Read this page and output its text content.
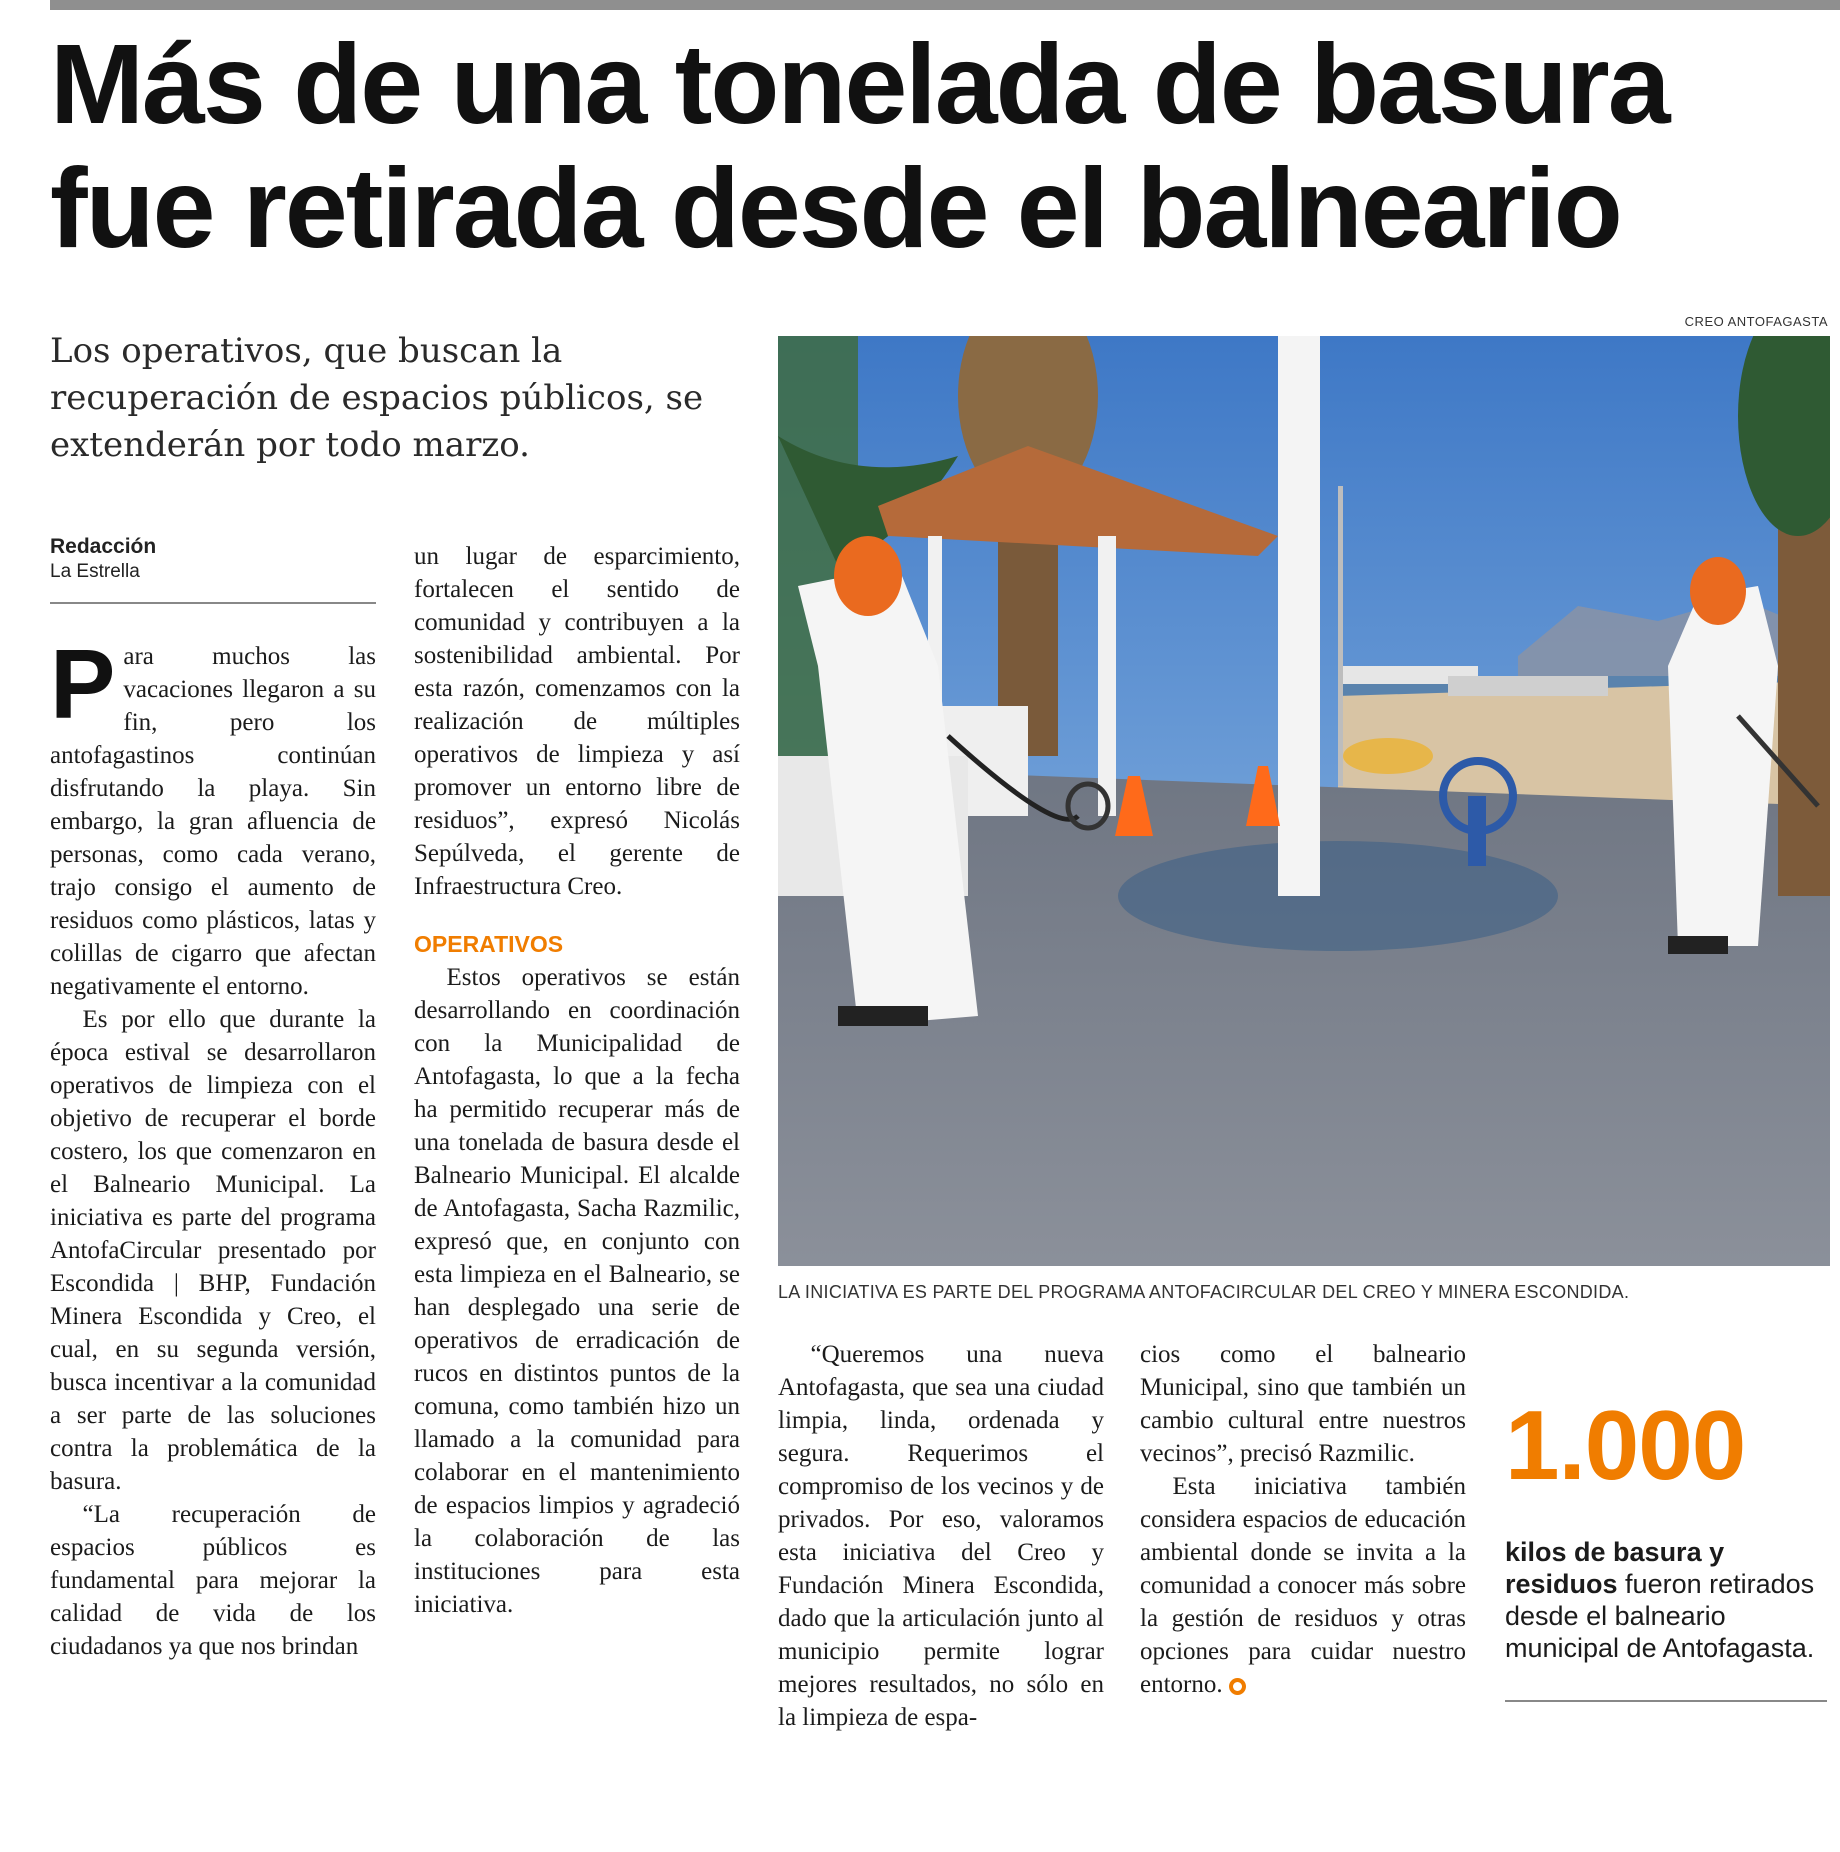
Más de una tonelada de basura fue retirada desde el balneario

Los operativos, que buscan la recuperación de espacios públicos, se extenderán por todo marzo.

Redacción
La Estrella

Para muchos las vacaciones llegaron a su fin, pero los antofagastinos continúan disfrutando la playa. Sin embargo, la gran afluencia de personas, como cada verano, trajo consigo el aumento de residuos como plásticos, latas y colillas de cigarro que afectan negativamente el entorno.

Es por ello que durante la época estival se desarrollaron operativos de limpieza con el objetivo de recuperar el borde costero, los que comenzaron en el Balneario Municipal. La iniciativa es parte del programa AntofaCircular presentado por Escondida | BHP, Fundación Minera Escondida y Creo, el cual, en su segunda versión, busca incentivar a la comunidad a ser parte de las soluciones contra la problemática de la basura.

“La recuperación de espacios públicos es fundamental para mejorar la calidad de vida de los ciudadanos ya que nos brindan

un lugar de esparcimiento, fortalecen el sentido de comunidad y contribuyen a la sostenibilidad ambiental. Por esta razón, comenzamos con la realización de múltiples operativos de limpieza y así promover un entorno libre de residuos”, expresó Nicolás Sepúlveda, el gerente de Infraestructura Creo.

OPERATIVOS

Estos operativos se están desarrollando en coordinación con la Municipalidad de Antofagasta, lo que a la fecha ha permitido recuperar más de una tonelada de basura desde el Balneario Municipal. El alcalde de Antofagasta, Sacha Razmilic, expresó que, en conjunto con esta limpieza en el Balneario, se han desplegado una serie de operativos de erradicación de rucos en distintos puntos de la comuna, como también hizo un llamado a la comunidad para colaborar en el mantenimiento de espacios limpios y agradeció la colaboración de las instituciones para esta iniciativa.

CREO ANTOFAGASTA
LA INICIATIVA ES PARTE DEL PROGRAMA ANTOFACIRCULAR DEL CREO Y MINERA ESCONDIDA.

“Queremos una nueva Antofagasta, que sea una ciudad limpia, linda, ordenada y segura. Requerimos el compromiso de los vecinos y de privados. Por eso, valoramos esta iniciativa del Creo y Fundación Minera Escondida, dado que la articulación junto al municipio permite lograr mejores resultados, no sólo en la limpieza de espa-

cios como el balneario Municipal, sino que también un cambio cultural entre nuestros vecinos”, precisó Razmilic.

Esta iniciativa también considera espacios de educación ambiental donde se invita a la comunidad a conocer más sobre la gestión de residuos y otras opciones para cuidar nuestro entorno.

1.000
kilos de basura y residuos fueron retirados desde el balneario municipal de Antofagasta.
